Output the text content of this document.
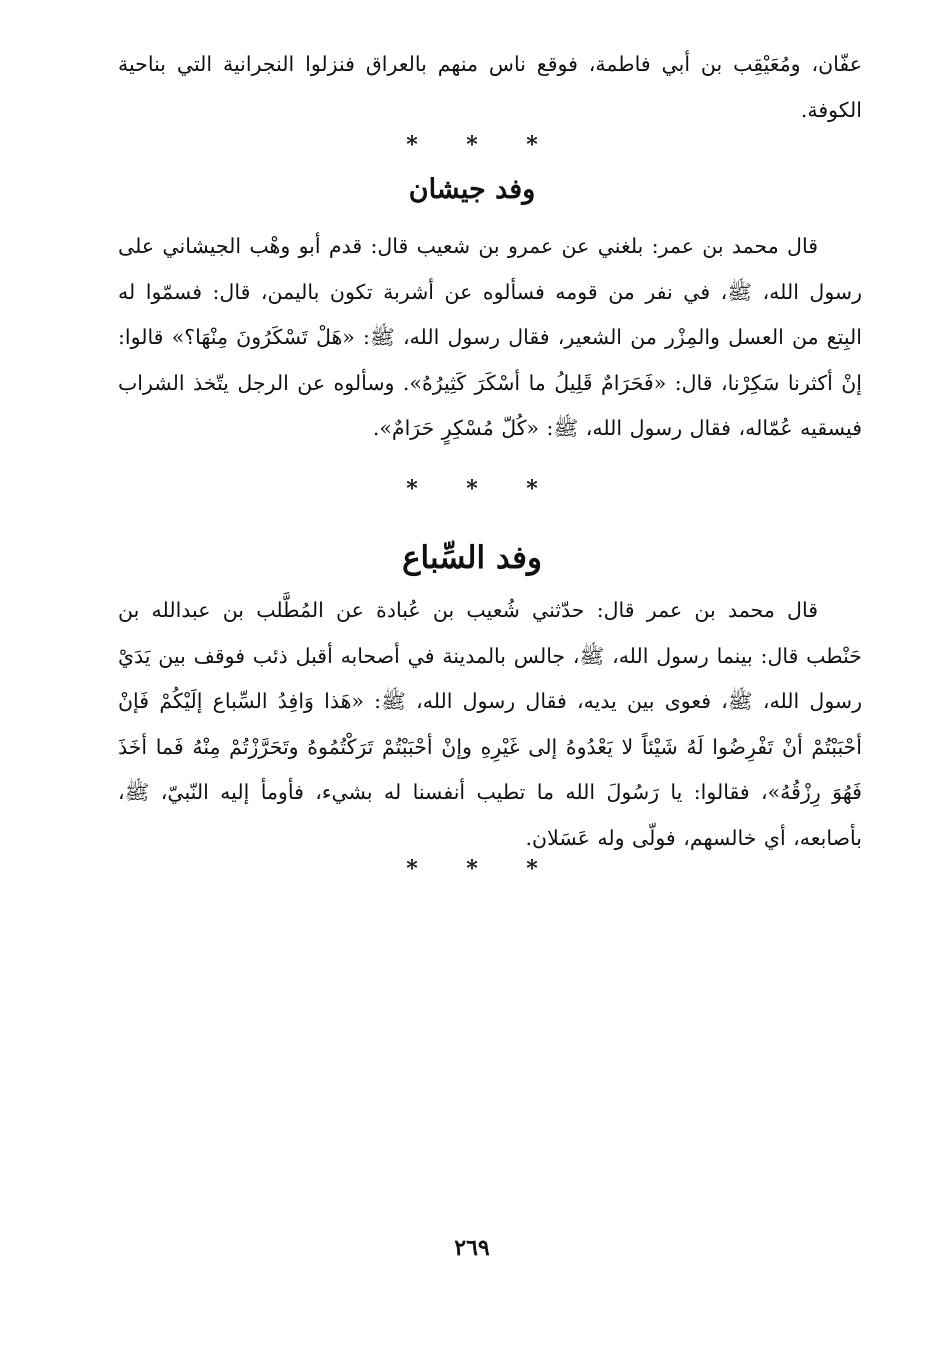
عفّان، ومُعَيْقِب بن أبي فاطمة، فوقع ناس منهم بالعراق فنزلوا النجرانية التي بناحية الكوفة.

* * *
وفد جيشان

قال محمد بن عمر: بلغني عن عمرو بن شعيب قال: قدم أبو وهْب الجيشاني على رسول الله، ﷺ، في نفر من قومه فسألوه عن أشربة تكون باليمن، قال: فسمّوا له البِتع من العسل والمِزْر من الشعير، فقال رسول الله، ﷺ: «هَلْ تَسْكَرُونَ مِنْهَا؟» قالوا: إنْ أكثرنا سَكِرْنا، قال: «فَحَرَامٌ قَلِيلُ ما أسْكَرَ كَثِيرُهُ». وسألوه عن الرجل يتّخذ الشراب فيسقيه عُمّاله، فقال رسول الله، ﷺ: «كُلّ مُسْكِرٍ حَرَامٌ».

* * *
وفد السِّباع

قال محمد بن عمر قال: حدّثني شُعيب بن عُبادة عن المُطَّلب بن عبدالله بن حَنْطب قال: بينما رسول الله، ﷺ، جالس بالمدينة في أصحابه أقبل ذئب فوقف بين يَدَيْ رسول الله، ﷺ، فعوى بين يديه، فقال رسول الله، ﷺ: «هَذا وَافِدُ السِّباع إلَيْكُمْ فَإنْ أحْبَبْتُمْ أنْ تَفْرِضُوا لَهُ شَيْئاً لا يَعْدُوهُ إلى غَيْرِهِ وإنْ أحْبَبْتُمْ تَرَكْتُمُوهُ وتَحَرَّزْتُمْ مِنْهُ فَما أخَذَ فَهُوَ رِزْقُهُ»، فقالوا: يا رَسُولَ الله ما تطيب أنفسنا له بشيء، فأومأ إليه النّبيّ، ﷺ، بأصابعه، أي خالسهم، فولّى وله عَسَلان.

* * *
٢٦٩
